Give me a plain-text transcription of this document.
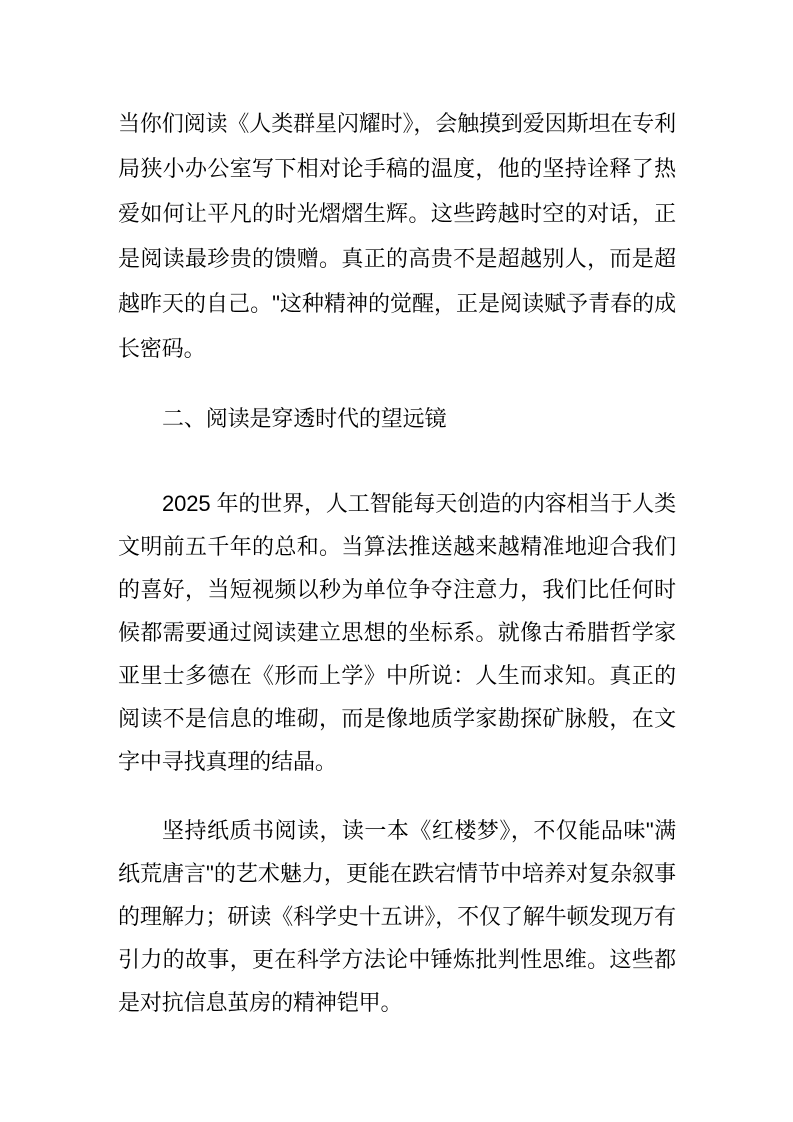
当你们阅读《人类群星闪耀时》，会触摸到爱因斯坦在专利局狭小办公室写下相对论手稿的温度，他的坚持诠释了热爱如何让平凡的时光熠熠生辉。这些跨越时空的对话，正是阅读最珍贵的馈赠。真正的高贵不是超越别人，而是超越昨天的自己。"这种精神的觉醒，正是阅读赋予青春的成长密码。

二、阅读是穿透时代的望远镜

2025 年的世界，人工智能每天创造的内容相当于人类文明前五千年的总和。当算法推送越来越精准地迎合我们的喜好，当短视频以秒为单位争夺注意力，我们比任何时候都需要通过阅读建立思想的坐标系。就像古希腊哲学家亚里士多德在《形而上学》中所说：人生而求知。真正的阅读不是信息的堆砌，而是像地质学家勘探矿脉般，在文字中寻找真理的结晶。

坚持纸质书阅读，读一本《红楼梦》，不仅能品味"满纸荒唐言"的艺术魅力，更能在跌宕情节中培养对复杂叙事的理解力；研读《科学史十五讲》，不仅了解牛顿发现万有引力的故事，更在科学方法论中锤炼批判性思维。这些都是对抗信息茧房的精神铠甲。
